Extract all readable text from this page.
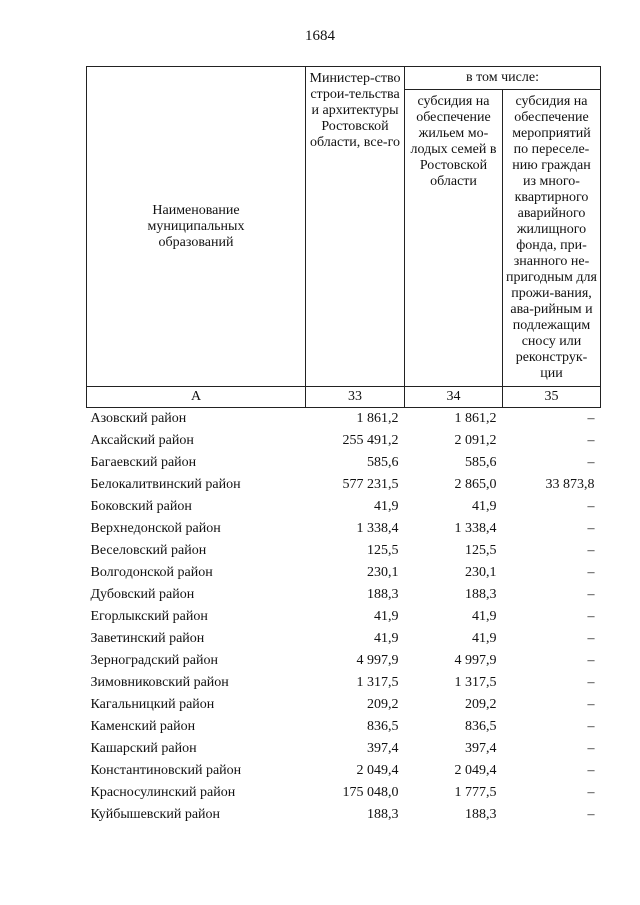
1684
Наименование муниципальных образований	Министер-ство строи-тельства и архитектуры Ростовской области, все-го	в том числе:	

		субсидия на обеспечение жильем мо-лодых семей в Ростовской области	субсидия на обеспечение мероприятий по переселе-нию граждан из много-квартирного аварийного жилищного фонда, при-знанного не-пригодным для прожи-вания, ава-рийным и подлежащим сносу или реконструк-ции

А	33	34	35
Азовский район	1 861,2	1 861,2	–
Аксайский район	255 491,2	2 091,2	–
Багаевский район	585,6	585,6	–
Белокалитвинский район	577 231,5	2 865,0	33 873,8
Боковский район	41,9	41,9	–
Верхнедонской район	1 338,4	1 338,4	–
Веселовский район	125,5	125,5	–
Волгодонской район	230,1	230,1	–
Дубовский район	188,3	188,3	–
Егорлыкский район	41,9	41,9	–
Заветинский район	41,9	41,9	–
Зерноградский район	4 997,9	4 997,9	–
Зимовниковский район	1 317,5	1 317,5	–
Кагальницкий район	209,2	209,2	–
Каменский район	836,5	836,5	–
Кашарский район	397,4	397,4	–
Константиновский район	2 049,4	2 049,4	–
Красносулинский район	175 048,0	1 777,5	–
Куйбышевский район	188,3	188,3	–
